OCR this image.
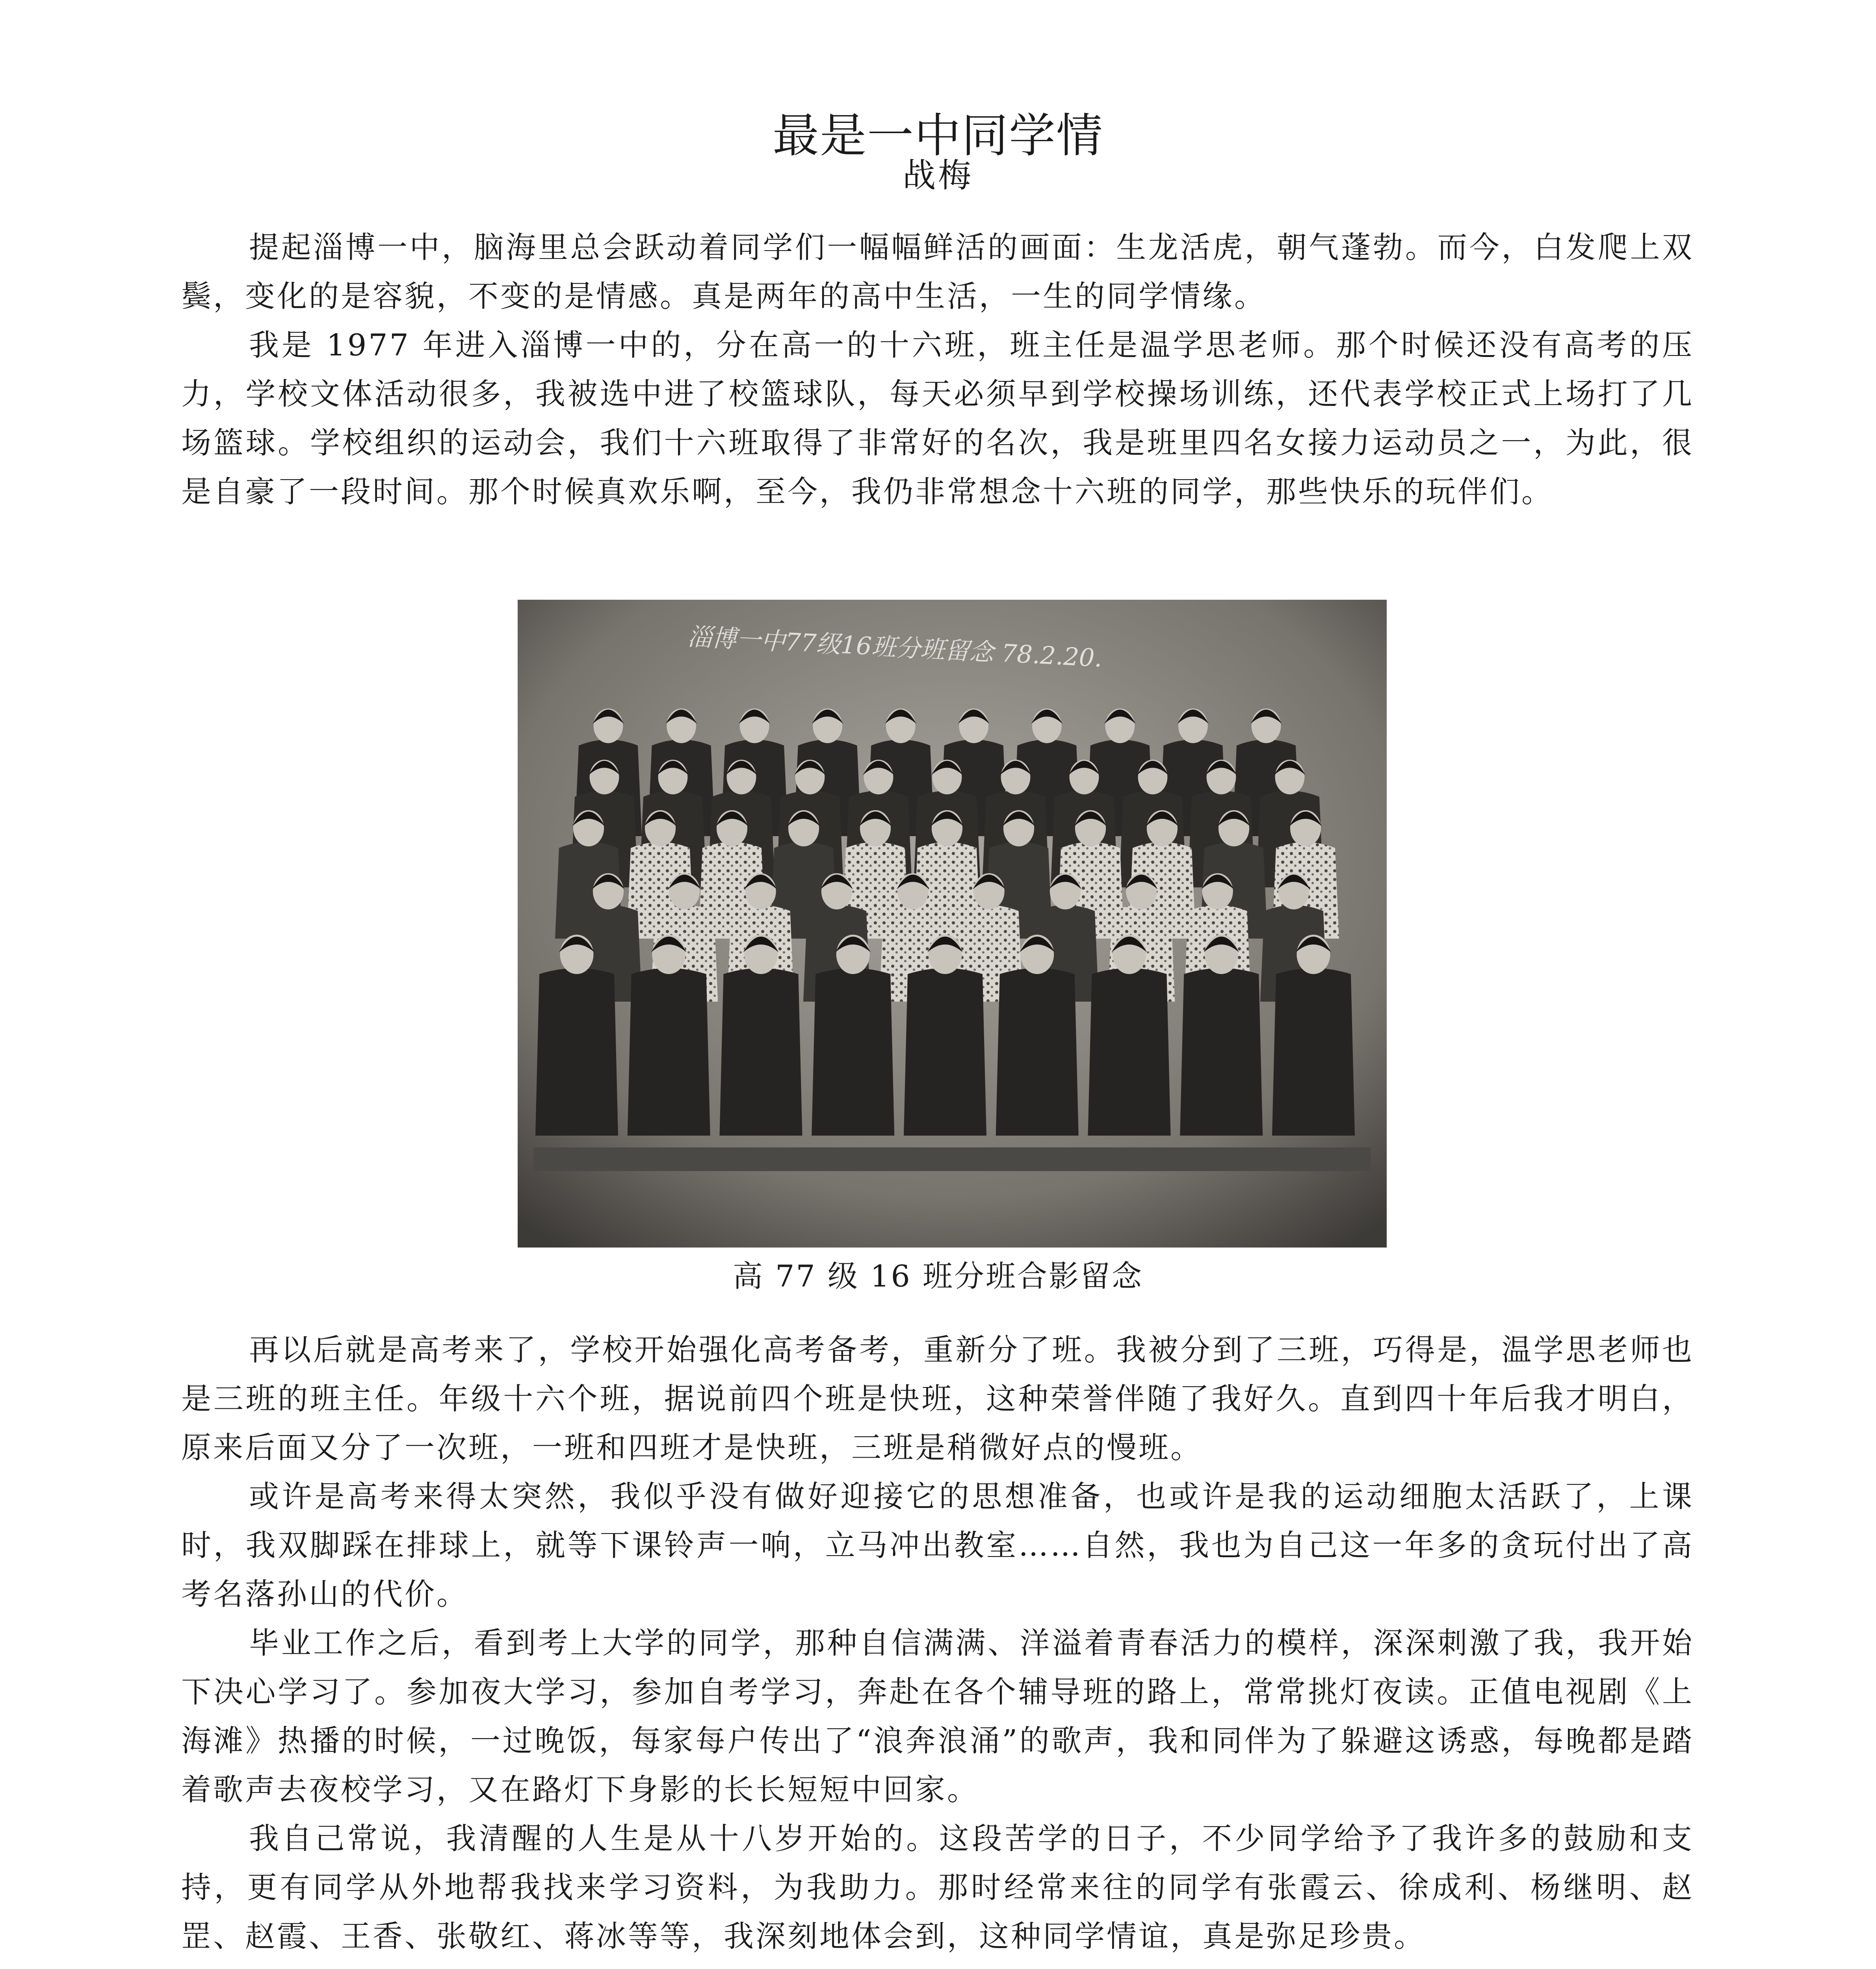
最是一中同学情
战梅

提起淄博一中，脑海里总会跃动着同学们一幅幅鲜活的画面：生龙活虎，朝气蓬勃。而今，白发爬上双鬓，变化的是容貌，不变的是情感。真是两年的高中生活，一生的同学情缘。

我是 1977 年进入淄博一中的，分在高一的十六班，班主任是温学思老师。那个时候还没有高考的压力，学校文体活动很多，我被选中进了校篮球队，每天必须早到学校操场训练，还代表学校正式上场打了几场篮球。学校组织的运动会，我们十六班取得了非常好的名次，我是班里四名女接力运动员之一，为此，很是自豪了一段时间。那个时候真欢乐啊，至今，我仍非常想念十六班的同学，那些快乐的玩伴们。

淄博一中77级16班分班留念 78.2.20.
高 77 级 16 班分班合影留念

再以后就是高考来了，学校开始强化高考备考，重新分了班。我被分到了三班，巧得是，温学思老师也是三班的班主任。年级十六个班，据说前四个班是快班，这种荣誉伴随了我好久。直到四十年后我才明白，原来后面又分了一次班，一班和四班才是快班，三班是稍微好点的慢班。

或许是高考来得太突然，我似乎没有做好迎接它的思想准备，也或许是我的运动细胞太活跃了，上课时，我双脚踩在排球上，就等下课铃声一响，立马冲出教室……自然，我也为自己这一年多的贪玩付出了高考名落孙山的代价。

毕业工作之后，看到考上大学的同学，那种自信满满、洋溢着青春活力的模样，深深刺激了我，我开始下决心学习了。参加夜大学习，参加自考学习，奔赴在各个辅导班的路上，常常挑灯夜读。正值电视剧《上海滩》热播的时候，一过晚饭，每家每户传出了“浪奔浪涌”的歌声，我和同伴为了躲避这诱惑，每晚都是踏着歌声去夜校学习，又在路灯下身影的长长短短中回家。

我自己常说，我清醒的人生是从十八岁开始的。这段苦学的日子，不少同学给予了我许多的鼓励和支持，更有同学从外地帮我找来学习资料，为我助力。那时经常来往的同学有张霞云、徐成利、杨继明、赵罡、赵霞、王香、张敬红、蒋冰等等，我深刻地体会到，这种同学情谊，真是弥足珍贵。
